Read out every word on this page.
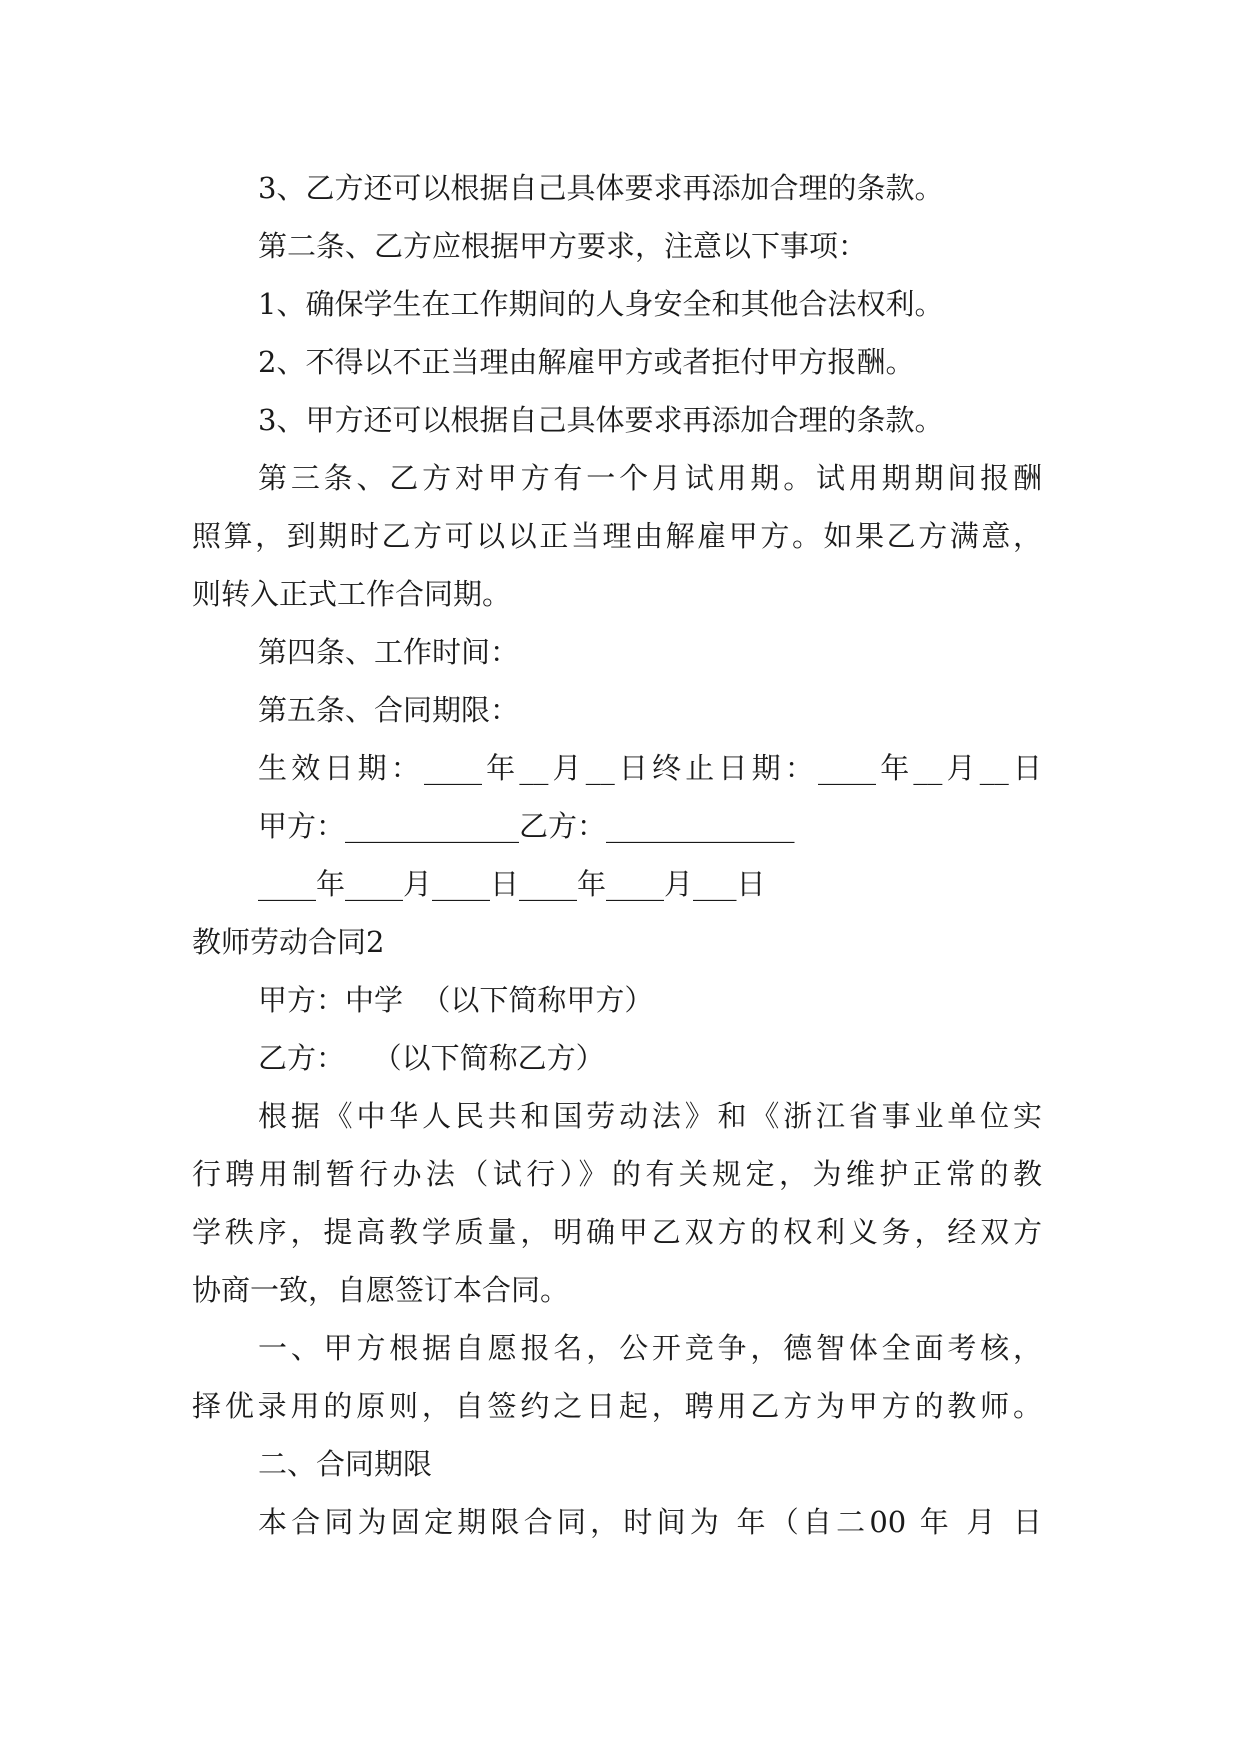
3、乙方还可以根据自己具体要求再添加合理的条款。
第二条、乙方应根据甲方要求，注意以下事项：
1、确保学生在工作期间的人身安全和其他合法权利。
2、不得以不正当理由解雇甲方或者拒付甲方报酬。
3、甲方还可以根据自己具体要求再添加合理的条款。
第三条、乙方对甲方有一个月试用期。试用期期间报酬
照算，到期时乙方可以以正当理由解雇甲方。如果乙方满意，
则转入正式工作合同期。
第四条、工作时间：
第五条、合同期限：
生效日期：____年__月__日终止日期：____年__月__日
甲方：____________乙方：_____________
____年____月____日____年____月___日
教师劳动合同2
甲方：中学  （以下简称甲方）
乙方：   （以下简称乙方）
根据《中华人民共和国劳动法》和《浙江省事业单位实
行聘用制暂行办法（试行）》的有关规定，为维护正常的教
学秩序，提高教学质量，明确甲乙双方的权利义务，经双方
协商一致，自愿签订本合同。
一、甲方根据自愿报名，公开竞争，德智体全面考核，
择优录用的原则，自签约之日起，聘用乙方为甲方的教师。
二、合同期限
本合同为固定期限合同，时间为 年（自二00 年 月 日
